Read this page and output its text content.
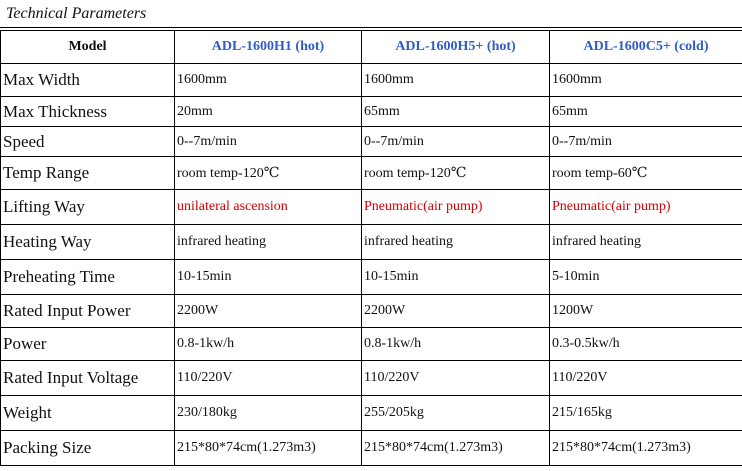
Technical Parameters
Model	ADL-1600H1 (hot)	ADL-1600H5+ (hot)	ADL-1600C5+ (cold)
Max Width	1600mm	1600mm	1600mm
Max Thickness	20mm	65mm	65mm
Speed	0--7m/min	0--7m/min	0--7m/min
Temp Range	room temp-120℃	room temp-120℃	room temp-60℃
Lifting Way	unilateral ascension	Pneumatic(air pump)	Pneumatic(air pump)
Heating Way	infrared heating	infrared heating	infrared heating
Preheating Time	10-15min	10-15min	5-10min
Rated Input Power	2200W	2200W	1200W
Power	0.8-1kw/h	0.8-1kw/h	0.3-0.5kw/h
Rated Input Voltage	110/220V	110/220V	110/220V
Weight	230/180kg	255/205kg	215/165kg
Packing Size	215*80*74cm(1.273m3)	215*80*74cm(1.273m3)	215*80*74cm(1.273m3)
